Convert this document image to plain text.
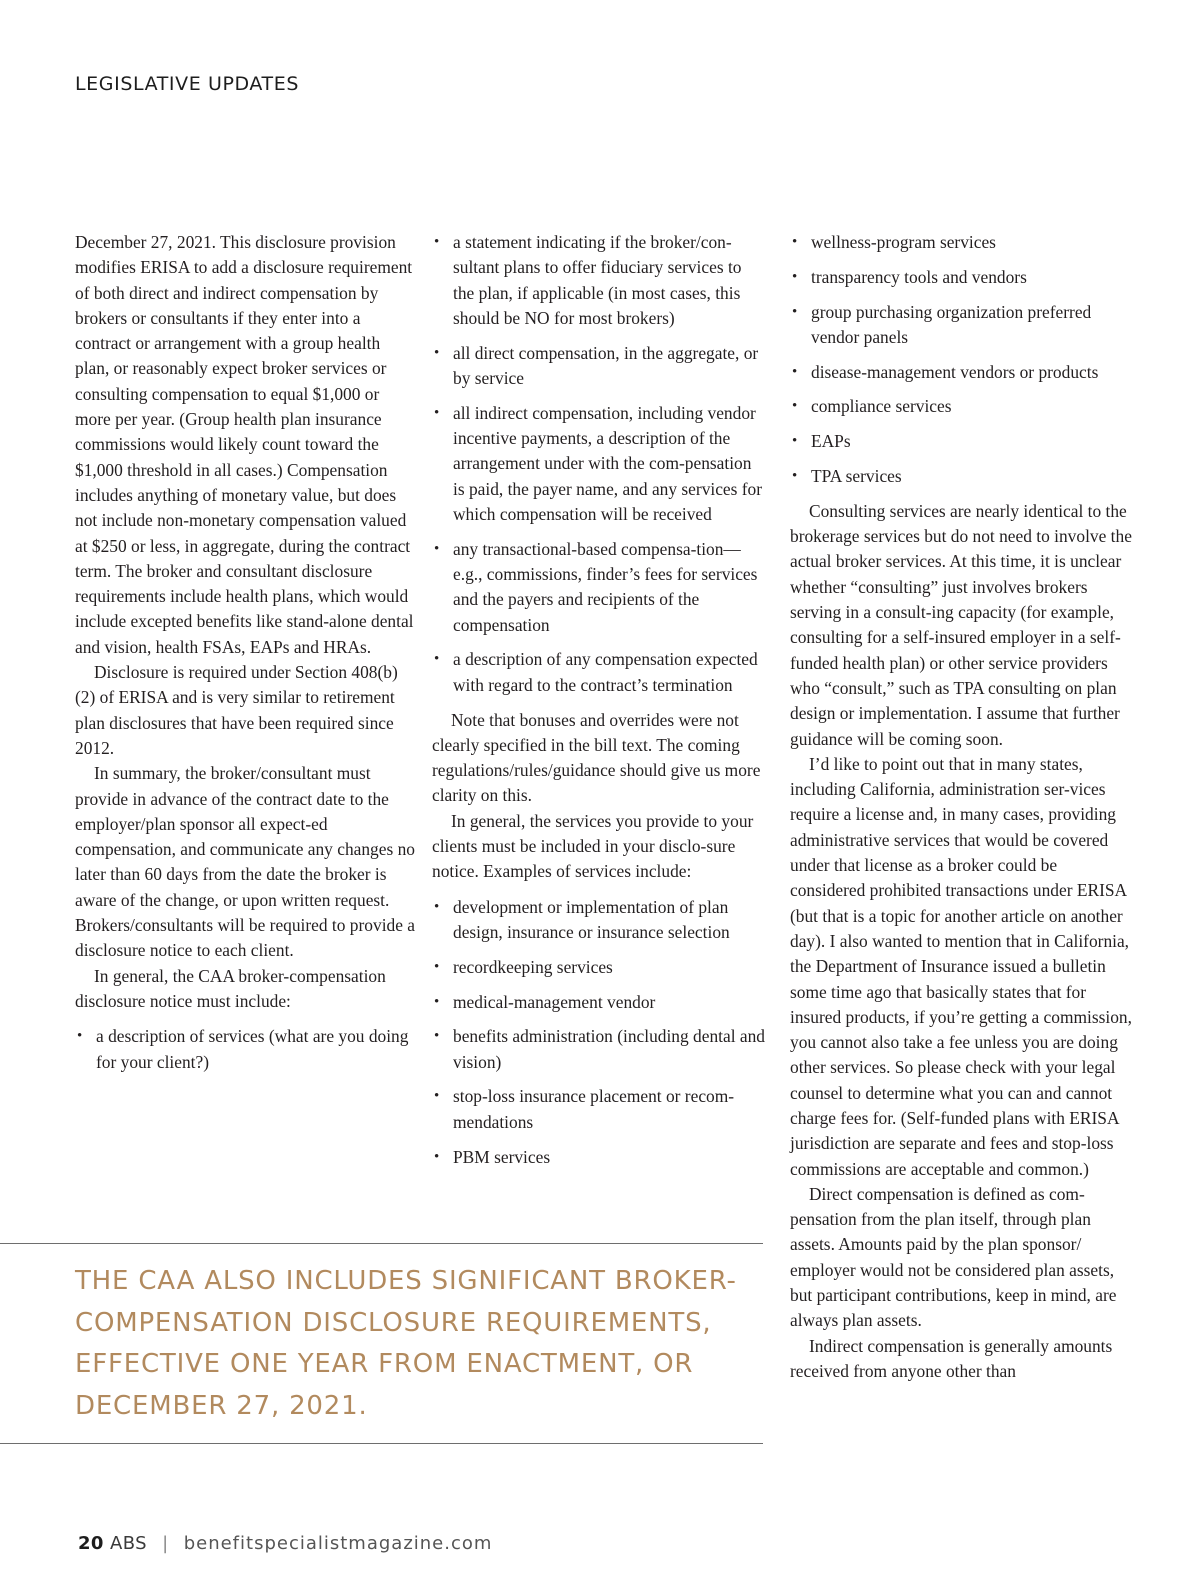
LEGISLATIVE UPDATES

December 27, 2021. This disclosure provision modifies ERISA to add a disclosure requirement of both direct and indirect compensation by brokers or consultants if they enter into a contract or arrangement with a group health plan, or reasonably expect broker services or consulting compensation to equal $1,000 or more per year. (Group health plan insurance commissions would likely count toward the $1,000 threshold in all cases.) Compensation includes anything of monetary value, but does not include non-monetary compensation valued at $250 or less, in aggregate, during the contract term. The broker and consultant disclosure requirements include health plans, which would include excepted benefits like stand-alone dental and vision, health FSAs, EAPs and HRAs.

Disclosure is required under Section 408(b)(2) of ERISA and is very similar to retirement plan disclosures that have been required since 2012.

In summary, the broker/consultant must provide in advance of the contract date to the employer/plan sponsor all expect-ed compensation, and communicate any changes no later than 60 days from the date the broker is aware of the change, or upon written request. Brokers/consultants will be required to provide a disclosure notice to each client.

In general, the CAA broker-compensation disclosure notice must include:

• a description of services (what are you doing for your client?)
• a statement indicating if the broker/con-sultant plans to offer fiduciary services to the plan, if applicable (in most cases, this should be NO for most brokers)
• all direct compensation, in the aggregate, or by service
• all indirect compensation, including vendor incentive payments, a description of the arrangement under with the com-pensation is paid, the payer name, and any services for which compensation will be received
• any transactional-based compensa-tion—e.g., commissions, finder’s fees for services and the payers and recipients of the compensation
• a description of any compensation expected with regard to the contract’s termination

Note that bonuses and overrides were not clearly specified in the bill text. The coming regulations/rules/guidance should give us more clarity on this.

In general, the services you provide to your clients must be included in your disclo-sure notice. Examples of services include:

• development or implementation of plan design, insurance or insurance selection
• recordkeeping services
• medical-management vendor
• benefits administration (including dental and vision)
• stop-loss insurance placement or recom-mendations
• PBM services
• wellness-program services
• transparency tools and vendors
• group purchasing organization preferred vendor panels
• disease-management vendors or products
• compliance services
• EAPs
• TPA services

Consulting services are nearly identical to the brokerage services but do not need to involve the actual broker services. At this time, it is unclear whether “consulting” just involves brokers serving in a consult-ing capacity (for example, consulting for a self-insured employer in a self-funded health plan) or other service providers who “consult,” such as TPA consulting on plan design or implementation. I assume that further guidance will be coming soon.

I’d like to point out that in many states, including California, administration ser-vices require a license and, in many cases, providing administrative services that would be covered under that license as a broker could be considered prohibited transactions under ERISA (but that is a topic for another article on another day). I also wanted to mention that in California, the Department of Insurance issued a bulletin some time ago that basically states that for insured products, if you’re getting a commission, you cannot also take a fee unless you are doing other services. So please check with your legal counsel to determine what you can and cannot charge fees for. (Self-funded plans with ERISA jurisdiction are separate and fees and stop-loss commissions are acceptable and common.)

Direct compensation is defined as com-pensation from the plan itself, through plan assets. Amounts paid by the plan sponsor/ employer would not be considered plan assets, but participant contributions, keep in mind, are always plan assets.

Indirect compensation is generally amounts received from anyone other than

THE CAA ALSO INCLUDES SIGNIFICANT BROKER-COMPENSATION DISCLOSURE REQUIREMENTS, EFFECTIVE ONE YEAR FROM ENACTMENT, OR DECEMBER 27, 2021.

20 ABS | benefitspecialistmagazine.com
